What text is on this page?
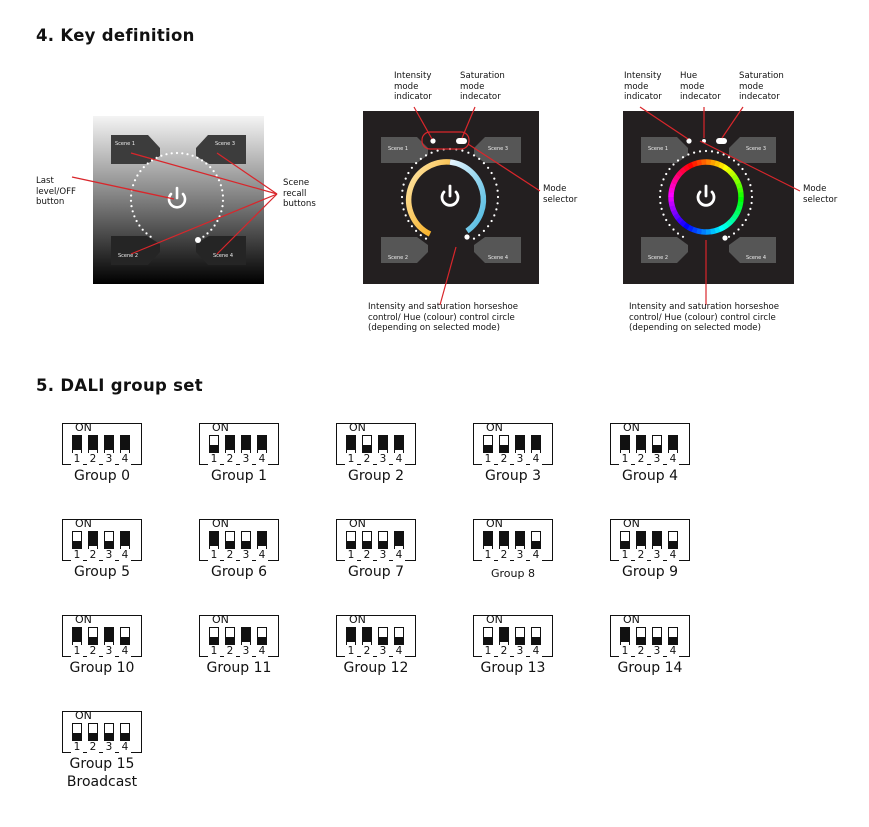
4. Key definition
Scene 1	Scene 3
Scene 2	Scene 4
Last
level/OFF
button
Scene
recall
buttons
Scene 1	Scene 3
Scene 2	Scene 4
Intensity
mode
indicator
Saturation
mode
indecator
Mode
selector
Intensity and saturation horseshoe
control/ Hue (colour) control circle
(depending on selected mode)
Scene 1	Scene 3
Scene 2	Scene 4
Intensity
mode
indicator
Hue
mode
indecator
Saturation
mode
indecator
Mode
selector
Intensity and saturation horseshoe
control/ Hue (colour) control circle
(depending on selected mode)
5. DALI group set
ON
1 2 3 4
Group 0
ON
1 2 3 4
Group 1
ON
1 2 3 4
Group 2
ON
1 2 3 4
Group 3
ON
1 2 3 4
Group 4
ON
1 2 3 4
Group 5
ON
1 2 3 4
Group 6
ON
1 2 3 4
Group 7
ON
1 2 3 4
Group 8
ON
1 2 3 4
Group 9
ON
1 2 3 4
Group 10
ON
1 2 3 4
Group 11
ON
1 2 3 4
Group 12
ON
1 2 3 4
Group 13
ON
1 2 3 4
Group 14
ON
1 2 3 4
Group 15
Broadcast
